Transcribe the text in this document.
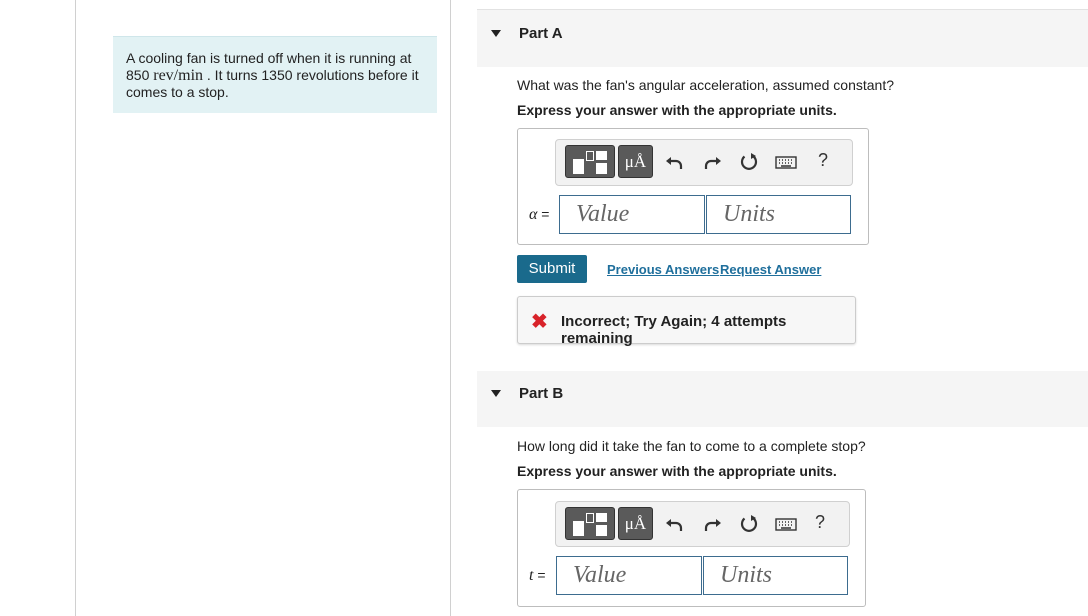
A cooling fan is turned off when it is running at 850 rev/min . It turns 1350 revolutions before it comes to a stop.
Part A
What was the fan's angular acceleration, assumed constant?
Express your answer with the appropriate units.
μÅ	?
α =	Value	Units
Submit	Previous Answers Request Answer
✖ Incorrect; Try Again; 4 attempts remaining
Part B
How long did it take the fan to come to a complete stop?
Express your answer with the appropriate units.
μÅ	?
t =	Value	Units
